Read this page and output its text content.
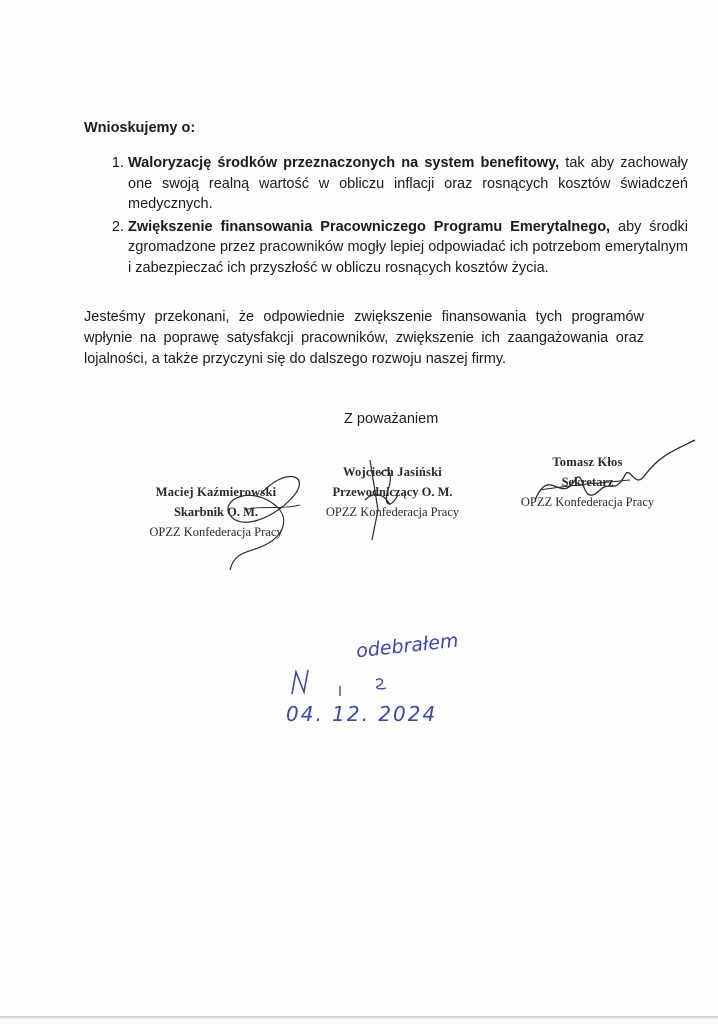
Wnioskujemy o:
1. Waloryzację środków przeznaczonych na system benefitowy, tak aby zachowały one swoją realną wartość w obliczu inflacji oraz rosnących kosztów świadczeń medycznych.
2. Zwiększenie finansowania Pracowniczego Programu Emerytalnego, aby środki zgromadzone przez pracowników mogły lepiej odpowiadać ich potrzebom emerytalnym i zabezpieczać ich przyszłość w obliczu rosnących kosztów życia.

Jesteśmy przekonani, że odpowiednie zwiększenie finansowania tych programów wpłynie na poprawę satysfakcji pracowników, zwiększenie ich zaangażowania oraz lojalności, a także przyczyni się do dalszego rozwoju naszej firmy.

Z poważaniem
Maciej Kaźmierowski
Skarbnik O. M.
OPZZ Konfederacja Pracy
Wojciech Jasiński
Przewodniczący O. M.
OPZZ Konfederacja Pracy
Tomasz Kłos
Sekretarz
OPZZ Konfederacja Pracy
odebrałem
04. 12. 2024
